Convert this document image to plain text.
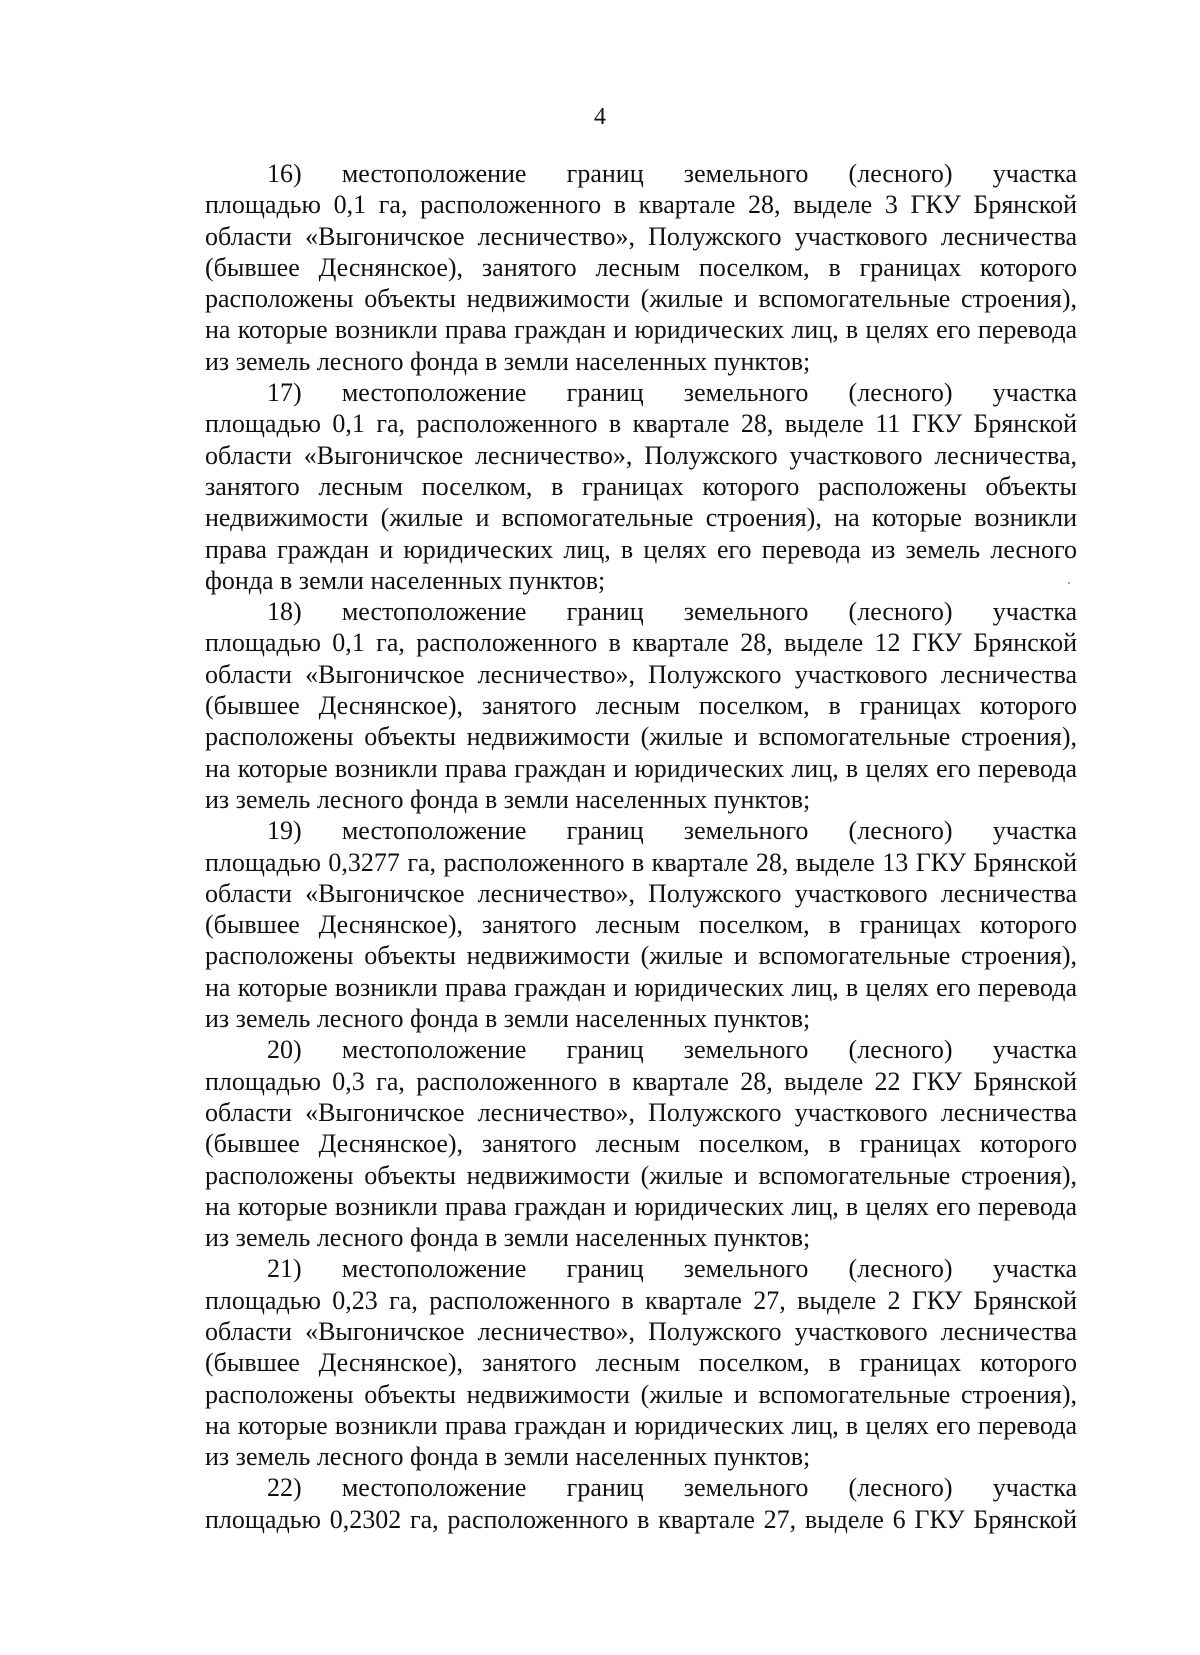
4
16) местоположение границ земельного (лесного) участка
площадью 0,1 га, расположенного в квартале 28, выделе 3 ГКУ Брянской
области «Выгоничское лесничество», Полужского участкового лесничества
(бывшее Деснянское), занятого лесным поселком, в границах которого
расположены объекты недвижимости (жилые и вспомогательные строения),
на которые возникли права граждан и юридических лиц, в целях его перевода
из земель лесного фонда в земли населенных пунктов;
17) местоположение границ земельного (лесного) участка
площадью 0,1 га, расположенного в квартале 28, выделе 11 ГКУ Брянской
области «Выгоничское лесничество», Полужского участкового лесничества,
занятого лесным поселком, в границах которого расположены объекты
недвижимости (жилые и вспомогательные строения), на которые возникли
права граждан и юридических лиц, в целях его перевода из земель лесного
фонда в земли населенных пунктов;
18) местоположение границ земельного (лесного) участка
площадью 0,1 га, расположенного в квартале 28, выделе 12 ГКУ Брянской
области «Выгоничское лесничество», Полужского участкового лесничества
(бывшее Деснянское), занятого лесным поселком, в границах которого
расположены объекты недвижимости (жилые и вспомогательные строения),
на которые возникли права граждан и юридических лиц, в целях его перевода
из земель лесного фонда в земли населенных пунктов;
19) местоположение границ земельного (лесного) участка
площадью 0,3277 га, расположенного в квартале 28, выделе 13 ГКУ Брянской
области «Выгоничское лесничество», Полужского участкового лесничества
(бывшее Деснянское), занятого лесным поселком, в границах которого
расположены объекты недвижимости (жилые и вспомогательные строения),
на которые возникли права граждан и юридических лиц, в целях его перевода
из земель лесного фонда в земли населенных пунктов;
20) местоположение границ земельного (лесного) участка
площадью 0,3 га, расположенного в квартале 28, выделе 22 ГКУ Брянской
области «Выгоничское лесничество», Полужского участкового лесничества
(бывшее Деснянское), занятого лесным поселком, в границах которого
расположены объекты недвижимости (жилые и вспомогательные строения),
на которые возникли права граждан и юридических лиц, в целях его перевода
из земель лесного фонда в земли населенных пунктов;
21) местоположение границ земельного (лесного) участка
площадью 0,23 га, расположенного в квартале 27, выделе 2 ГКУ Брянской
области «Выгоничское лесничество», Полужского участкового лесничества
(бывшее Деснянское), занятого лесным поселком, в границах которого
расположены объекты недвижимости (жилые и вспомогательные строения),
на которые возникли права граждан и юридических лиц, в целях его перевода
из земель лесного фонда в земли населенных пунктов;
22) местоположение границ земельного (лесного) участка
площадью 0,2302 га, расположенного в квартале 27, выделе 6 ГКУ Брянской
